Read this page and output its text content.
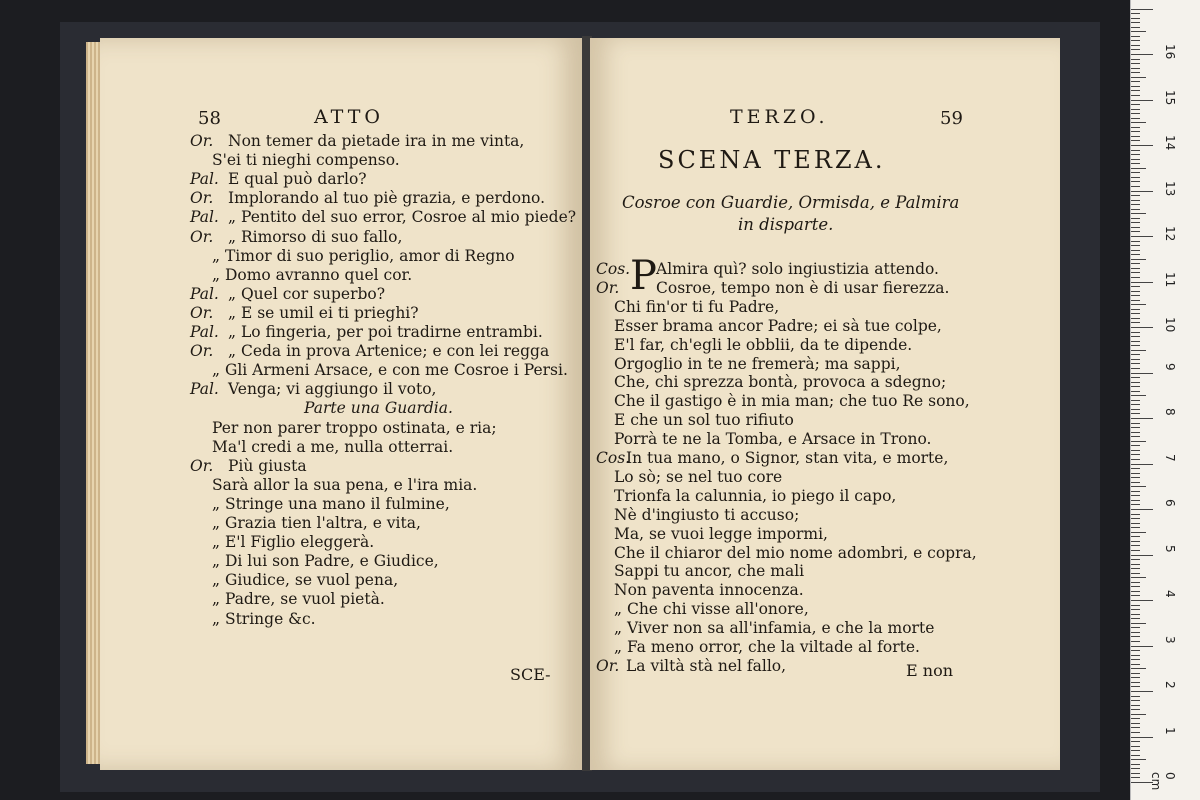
58	ATTO
Or. Non temer da pietade ira in me vinta,
S'ei ti nieghi compenso.
Pal. E qual può darlo?
Or. Implorando al tuo piè grazia, e perdono.
Pal. „ Pentito del suo error, Cosroe al mio piede?
Or. „ Rimorso di suo fallo,
„ Timor di suo periglio, amor di Regno
„ Domo avranno quel cor.
Pal. „ Quel cor superbo?
Or. „ E se umil ei ti prieghi?
Pal. „ Lo fingeria, per poi tradirne entrambi.
Or. „ Ceda in prova Artenice; e con lei regga
„ Gli Armeni Arsace, e con me Cosroe i Persi.
Pal. Venga; vi aggiungo il voto,
Parte una Guardia.
Per non parer troppo ostinata, e ria;
Ma'l credi a me, nulla otterrai.
Or. Più giusta
Sarà allor la sua pena, e l'ira mia.
„ Stringe una mano il fulmine,
„ Grazia tien l'altra, e vita,
„ E'l Figlio eleggerà.
„ Di lui son Padre, e Giudice,
„ Giudice, se vuol pena,
„ Padre, se vuol pietà.
„ Stringe &c.
SCE-
TERZO.	59
SCENA TERZA.
Cosroe con Guardie, Ormisda, e Palmira
in disparte.
P
Cos. Almira quì? solo ingiustizia attendo.
Or. Cosroe, tempo non è di usar fierezza.
Chi fin'or ti fu Padre,
Esser brama ancor Padre; ei sà tue colpe,
E'l far, ch'egli le obblii, da te dipende.
Orgoglio in te ne fremerà; ma sappi,
Che, chi sprezza bontà, provoca a sdegno;
Che il gastigo è in mia man; che tuo Re sono,
E che un sol tuo rifiuto
Porrà te ne la Tomba, e Arsace in Trono.
Cos.
In tua mano, o Signor, stan vita, e morte,
Lo sò; se nel tuo core
Trionfa la calunnia, io piego il capo,
Nè d'ingiusto ti accuso;
Ma, se vuoi legge impormi,
Che il chiaror del mio nome adombri, e copra,
Sappi tu ancor, che mali
Non paventa innocenza.
„ Che chi visse all'onore,
„ Viver non sa all'infamia, e che la morte
„ Fa meno orror, che la viltade al forte.
Or. La viltà stà nel fallo,	E non
0 cm
1
2
3
4
5
6
7
8
9
10
11
12
13
14
15
16
